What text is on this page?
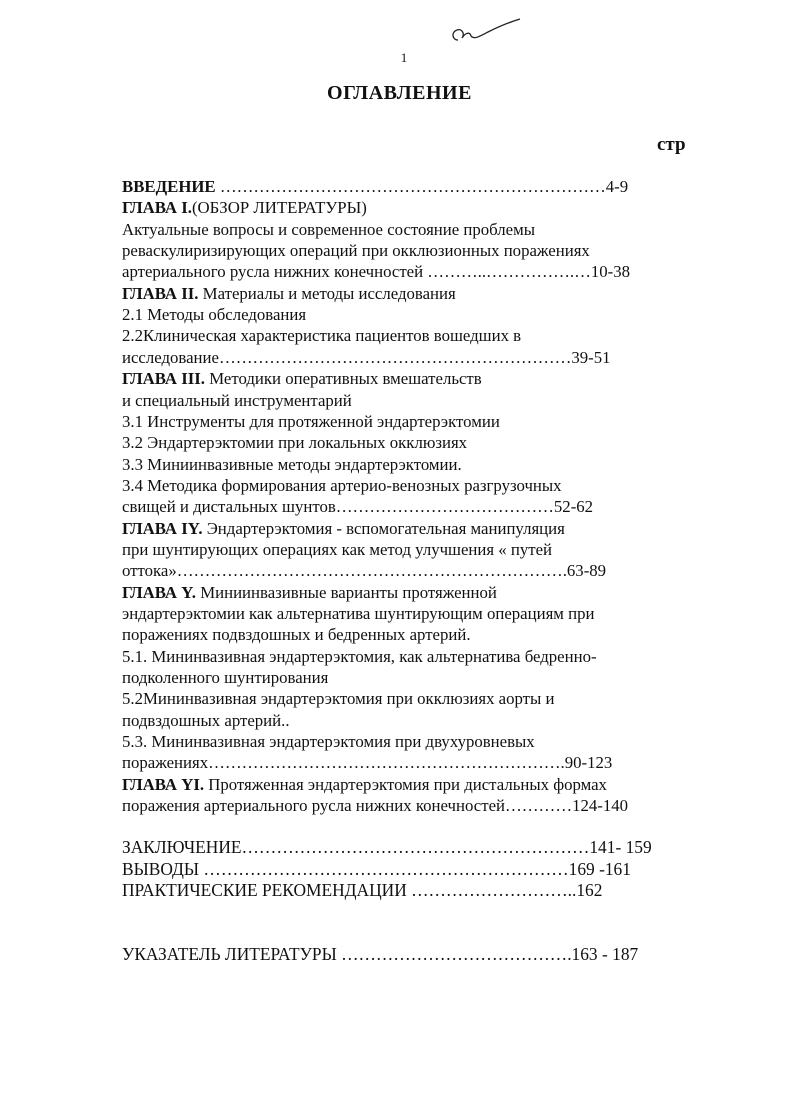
1
ОГЛАВЛЕНИЕ
стр
ВВЕДЕНИЕ ……………………………………………………………4-9
ГЛАВА I.(ОБЗОР ЛИТЕРАТУРЫ)
Актуальные вопросы и современное состояние проблемы
реваскулиризирующих операций при окклюзионных поражениях
артериального русла нижних конечностей ………..…………….…10-38
ГЛАВА II. Материалы и методы исследования
2.1 Методы обследования
2.2Клиническая характеристика пациентов вошедших в
исследование………………………………………………………39-51
ГЛАВА III. Методики оперативных вмешательств
и специальный инструментарий
3.1 Инструменты для протяженной эндартерэктомии
3.2 Эндартерэктомии при локальных окклюзиях
3.3 Миниинвазивные методы эндартерэктомии.
3.4 Методика формирования артерио-венозных разгрузочных
свищей и дистальных шунтов…………………………………52-62
ГЛАВА IY. Эндартерэктомия - вспомогательная манипуляция
при шунтирующих операциях как метод улучшения « путей
оттока»…………………………………………………………….63-89
ГЛАВА Y. Миниинвазивные варианты протяженной
эндартерэктомии как альтернатива шунтирующим операциям при
поражениях подвздошных и бедренных артерий.
5.1. Мининвазивная эндартерэктомия, как альтернатива бедренно-
подколенного шунтирования
5.2Мининвазивная эндартерэктомия при окклюзиях аорты и
подвздошных артерий..
5.3. Мининвазивная эндартерэктомия при двухуровневых
поражениях……………………………………………………….90-123
ГЛАВА YI. Протяженная эндартерэктомия при дистальных формах
поражения артериального русла нижних конечностей…………124-140
ЗАКЛЮЧЕНИЕ……………………………………………………141- 159
ВЫВОДЫ ………………………………………………………169 -161
ПРАКТИЧЕСКИЕ РЕКОМЕНДАЦИИ ………………………..162
УКАЗАТЕЛЬ ЛИТЕРАТУРЫ ………………………………….163 - 187
